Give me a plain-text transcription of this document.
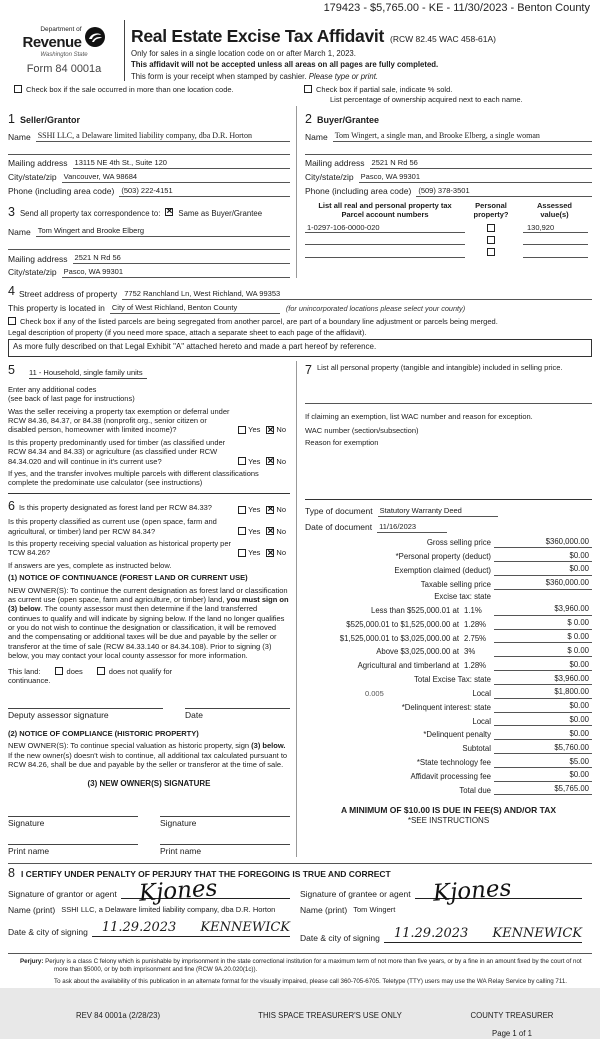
179423 - $5,765.00 - KE - 11/30/2023 - Benton County
Department of
Revenue
Washington State
Form 84 0001a
Real Estate Excise Tax Affidavit (RCW 82.45 WAC 458-61A)
Only for sales in a single location code on or after March 1, 2023.
This affidavit will not be accepted unless all areas on all pages are fully completed.
This form is your receipt when stamped by cashier. Please type or print.
Check box if the sale occurred in more than one location code.	Check box if partial sale, indicate % sold.
List percentage of ownership acquired next to each name.
1 Seller/Grantor
Name SSHI LLC, a Delaware limited liability company, dba D.R. Horton
Mailing address 13115 NE 4th St., Suite 120
City/state/zip Vancouver, WA 98684
Phone (including area code) (503) 222-4151
3 Send all property tax correspondence to: × Same as Buyer/Grantee
Name Tom Wingert and Brooke Elberg
Mailing address 2521 N Rd 56
City/state/zip Pasco, WA 99301
2 Buyer/Grantee
Name Tom Wingert, a single man, and Brooke Elberg, a single woman
Mailing address 2521 N Rd 56
City/state/zip Pasco, WA 99301
Phone (including area code) (509) 378-3501
List all real and personal property tax
Parcel account numbers
Personal
property?
Assessed
value(s)
1-0297-106-0000-020	130,920
4 Street address of property 7752 Ranchland Ln, West Richland, WA 99353
This property is located in City of West Richland, Benton County	(for unincorporated locations please select your county)
Check box if any of the listed parcels are being segregated from another parcel, are part of a boundary line adjustment or parcels being merged.
Legal description of property (if you need more space, attach a separate sheet to each page of the affidavit).
As more fully described on that Legal Exhibit "A" attached hereto and made a part hereof by reference.
5 11 - Household, single family units
Enter any additional codes
(see back of last page for instructions)
Was the seller receiving a property tax exemption or deferral under RCW 84.36, 84.37, or 84.38 (nonprofit org., senior citizen or disabled person, homeowner with limited income)?	Yes × No
Is this property predominantly used for timber (as classified under RCW 84.34 and 84.33) or agriculture (as classified under RCW 84.34.020 and will continue in it's current use?	Yes × No
If yes, and the transfer involves multiple parcels with different classifications complete the predominate use calculator (see instructions)
6 Is this property designated as forest land per RCW 84.33?	Yes × No
Is this property classified as current use (open space, farm and agricultural, or timber) land per RCW 84.34?	Yes × No
Is this property receiving special valuation as historical property per TCW 84.26?	Yes × No
If answers are yes, complete as instructed below.
(1) NOTICE OF CONTINUANCE (FOREST LAND OR CURRENT USE)
NEW OWNER(S): To continue the current designation as forest land or classification as current use (open space, farm and agriculture, or timber) land, you must sign on (3) below. The county assessor must then determine if the land transferred continues to qualify and will indicate by signing below. If the land no longer qualifies or you do not wish to continue the designation or classification, it will be removed and the compensating or additional taxes will be due and payable by the seller or transferor at the time of sale (RCW 84.33.140 or 84.34.108). Prior to signing (3) below, you may contact your local county assessor for more information.
This land:	does	does not qualify for
continuance.
Deputy assessor signature	Date
(2) NOTICE OF COMPLIANCE (HISTORIC PROPERTY)
NEW OWNER(S): To continue special valuation as historic property, sign (3) below. If the new owner(s) doesn't wish to continue, all additional tax calculated pursuant to RCW 84.26, shall be due and payable by the seller or transferor at the time of sale.
(3) NEW OWNER(S) SIGNATURE
Signature	Signature
Print name	Print name
7 List all personal property (tangible and intangible) included in selling price.
If claiming an exemption, list WAC number and reason for exception.
WAC number (section/subsection)
Reason for exemption
Type of document Statutory Warranty Deed
Date of document 11/16/2023
Gross selling price	$360,000.00
*Personal property (deduct)	$0.00
Exemption claimed (deduct)	$0.00
Taxable selling price	$360,000.00
Excise tax: state
Less than $525,000.01 at 1.1%	$3,960.00
$525,000.01 to $1,525,000.00 at 1.28%	$ 0.00
$1,525,000.01 to $3,025,000.00 at 2.75%	$ 0.00
Above $3,025,000.00 at 3%	$ 0.00
Agricultural and timberland at 1.28%	$0.00
Total Excise Tax: state	$3,960.00
0.005	Local	$1,800.00
*Delinquent interest: state	$0.00
Local	$0.00
*Delinquent penalty	$0.00
Subtotal	$5,760.00
*State technology fee	$5.00
Affidavit processing fee	$0.00
Total due	$5,765.00
A MINIMUM OF $10.00 IS DUE IN FEE(S) AND/OR TAX
*SEE INSTRUCTIONS
8 I CERTIFY UNDER PENALTY OF PERJURY THAT THE FOREGOING IS TRUE AND CORRECT
Signature of grantor or agent Kjones
Name (print) SSHI LLC, a Delaware limited liability company, dba D.R. Horton
Date & city of signing	11.29.2023 KENNEWICK
Signature of grantee or agent Kjones
Name (print) Tom Wingert
Date & city of signing	11.29.2023 KENNEWICK

Perjury: Perjury is a class C felony which is punishable by imprisonment in the state correctional institution for a maximum term of not more than five years, or by a fine in an amount fixed by the court of not more than $5000, or by both imprisonment and fine (RCW 9A.20.020(1c)).

To ask about the availability of this publication in an alternate format for the visually impaired, please call 360-705-6705. Teletype (TTY) users may use the WA Relay Service by calling 711.

REV 84 0001a (2/28/23)	THIS SPACE TREASURER'S USE ONLY	COUNTY TREASURER
Page 1 of 1
